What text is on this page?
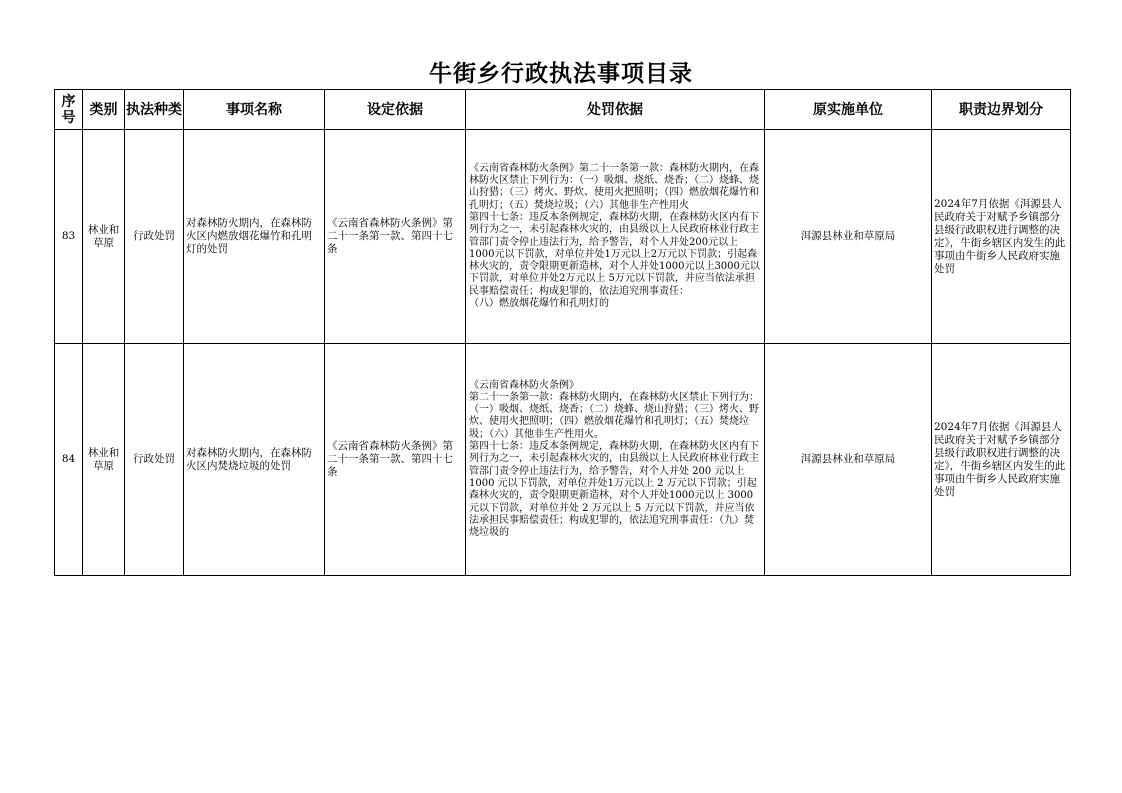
牛街乡行政执法事项目录
序号	类别	执法种类	事项名称	设定依据	处罚依据	原实施单位	职责边界划分
83	林业和草原	行政处罚	对森林防火期内，在森林防火区内燃放烟花爆竹和孔明灯的处罚	《云南省森林防火条例》第二十一条第一款、第四十七条	《云南省森林防火条例》第二十一条第一款：森林防火期内，在森林防火区禁止下列行为：（一）吸烟、烧纸、烧香；（二）烧蜂、烧山狩猎；（三）烤火、野炊、使用火把照明；（四）燃放烟花爆竹和孔明灯；（五）焚烧垃圾；（六）其他非生产性用火
第四十七条：违反本条例规定，森林防火期，在森林防火区内有下列行为之一，未引起森林火灾的，由县级以上人民政府林业行政主管部门责令停止违法行为，给予警告，对个人并处200元以上1000元以下罚款，对单位并处1万元以上2万元以下罚款；引起森林火灾的，责令限期更新造林，对个人并处1000元以上3000元以下罚款，对单位并处2万元以上 5万元以下罚款，并应当依法承担民事赔偿责任；构成犯罪的，依法追究刑事责任：
（八）燃放烟花爆竹和孔明灯的	洱源县林业和草原局	2024年7月依据《洱源县人民政府关于对赋予乡镇部分县级行政职权进行调整的决定》，牛街乡辖区内发生的此事项由牛街乡人民政府实施处罚
84	林业和草原	行政处罚	对森林防火期内，在森林防火区内焚烧垃圾的处罚	《云南省森林防火条例》第二十一条第一款、第四十七条	《云南省森林防火条例》
第二十一条第一款：森林防火期内，在森林防火区禁止下列行为：（一）吸烟、烧纸、烧香；（二）烧蜂、烧山狩猎；（三）烤火、野炊、使用火把照明；（四）燃放烟花爆竹和孔明灯；（五）焚烧垃圾；（六）其他非生产性用火。
第四十七条：违反本条例规定，森林防火期，在森林防火区内有下列行为之一，未引起森林火灾的，由县级以上人民政府林业行政主管部门责令停止违法行为，给予警告，对个人并处 200 元以上 1000 元以下罚款，对单位并处1万元以上 2 万元以下罚款；引起森林火灾的，责令限期更新造林，对个人并处1000元以上 3000 元以下罚款，对单位并处 2 万元以上 5 万元以下罚款，并应当依法承担民事赔偿责任；构成犯罪的，依法追究刑事责任：（九）焚烧垃圾的	洱源县林业和草原局	2024年7月依据《洱源县人民政府关于对赋予乡镇部分县级行政职权进行调整的决定》，牛街乡辖区内发生的此事项由牛街乡人民政府实施处罚
